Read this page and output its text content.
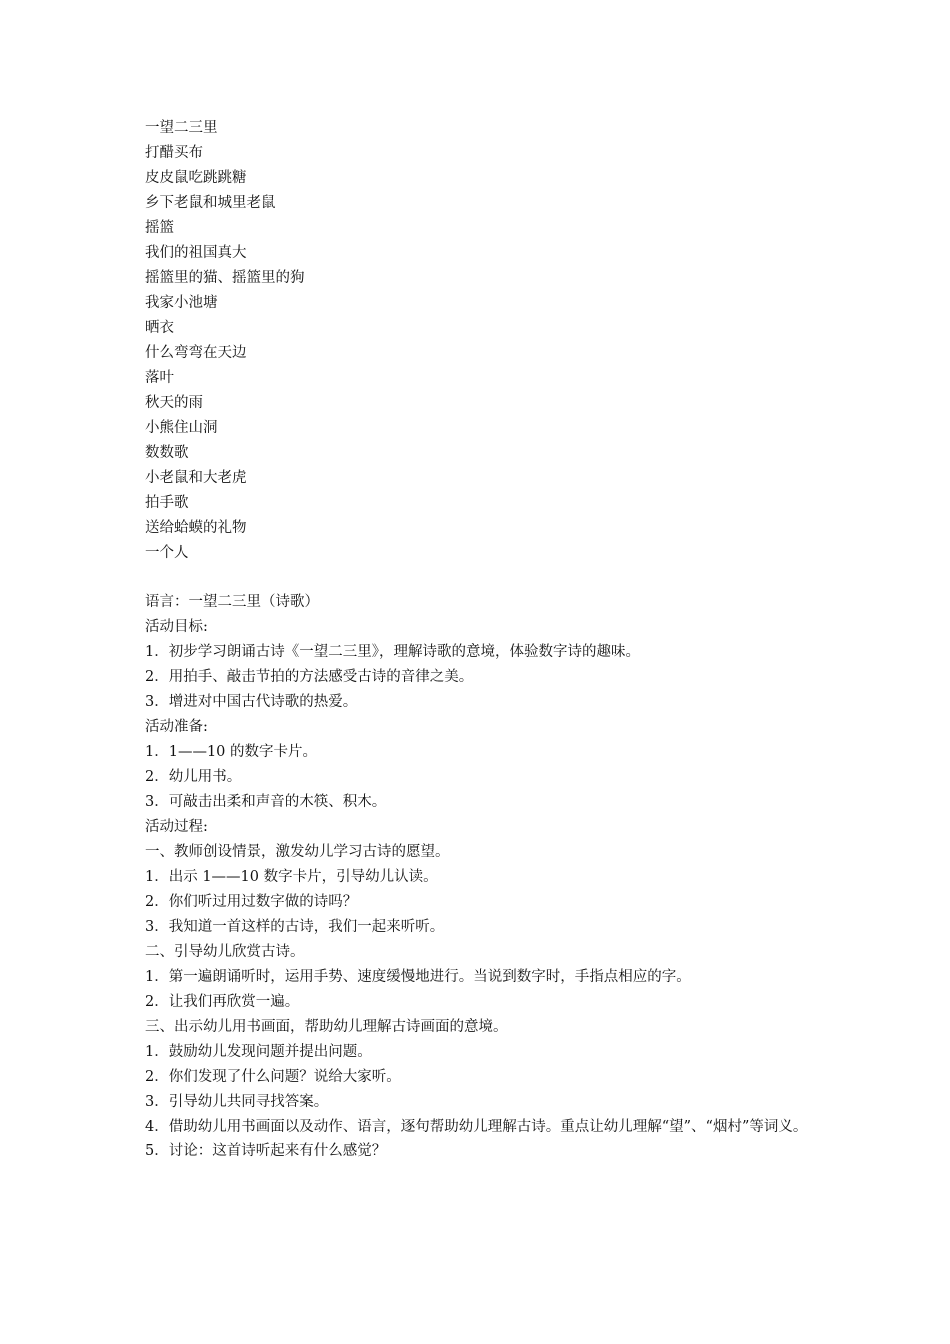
一望二三里
打醋买布
皮皮鼠吃跳跳糖
乡下老鼠和城里老鼠
摇篮
我们的祖国真大
摇篮里的猫、摇篮里的狗
我家小池塘
晒衣
什么弯弯在天边
落叶
秋天的雨
小熊住山洞
数数歌
小老鼠和大老虎
拍手歌
送给蛤蟆的礼物
一个人
语言：一望二三里（诗歌）
活动目标:
1．初步学习朗诵古诗《一望二三里》，理解诗歌的意境，体验数字诗的趣味。
2．用拍手、敲击节拍的方法感受古诗的音律之美。
3．增进对中国古代诗歌的热爱。
活动准备:
1．1——10 的数字卡片。
2．幼儿用书。
3．可敲击出柔和声音的木筷、积木。
活动过程:
一、教师创设情景，激发幼儿学习古诗的愿望。
1．出示 1——10 数字卡片，引导幼儿认读。
2．你们听过用过数字做的诗吗？
3．我知道一首这样的古诗，我们一起来听听。
二、引导幼儿欣赏古诗。
1．第一遍朗诵听时，运用手势、速度缓慢地进行。当说到数字时，手指点相应的字。
2．让我们再欣赏一遍。
三、出示幼儿用书画面，帮助幼儿理解古诗画面的意境。
1．鼓励幼儿发现问题并提出问题。
2．你们发现了什么问题？说给大家听。
3．引导幼儿共同寻找答案。
4．借助幼儿用书画面以及动作、语言，逐句帮助幼儿理解古诗。重点让幼儿理解“望”、“烟村”等词义。
5．讨论：这首诗听起来有什么感觉？
